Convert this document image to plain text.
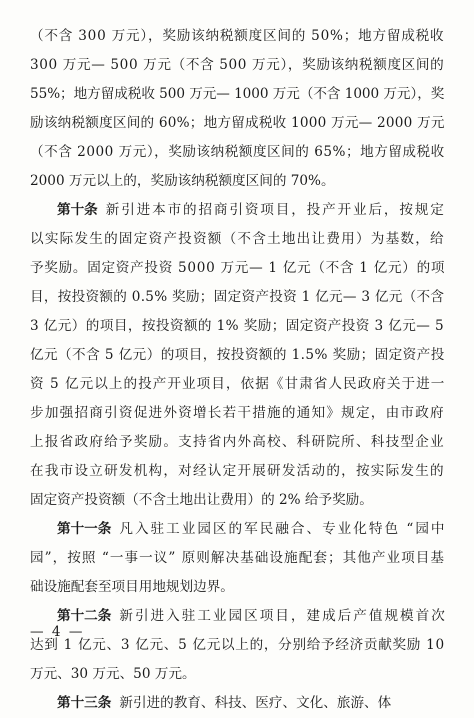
（不含 300 万元），奖励该纳税额度区间的 50%；地方留成税收
300 万元— 500 万元（不含 500 万元），奖励该纳税额度区间的
55%；地方留成税收 500 万元— 1000 万元（不含 1000 万元），奖
励该纳税额度区间的 60%；地方留成税收 1000 万元— 2000 万元
（不含 2000 万元），奖励该纳税额度区间的 65%；地方留成税收
2000 万元以上的，奖励该纳税额度区间的 70%。
第十条 新引进本市的招商引资项目，投产开业后，按规定
以实际发生的固定资产投资额（不含土地出让费用）为基数，给
予奖励。固定资产投资 5000 万元— 1 亿元（不含 1 亿元）的项
目，按投资额的 0.5% 奖励；固定资产投资 1 亿元— 3 亿元（不含
3 亿元）的项目，按投资额的 1% 奖励；固定资产投资 3 亿元— 5
亿元（不含 5 亿元）的项目，按投资额的 1.5% 奖励；固定资产投
资 5 亿元以上的投产开业项目，依据《甘肃省人民政府关于进一
步加强招商引资促进外资增长若干措施的通知》规定，由市政府
上报省政府给予奖励。支持省内外高校、科研院所、科技型企业
在我市设立研发机构，对经认定开展研发活动的，按实际发生的
固定资产投资额（不含土地出让费用）的 2% 给予奖励。
第十一条 凡入驻工业园区的军民融合、专业化特色 “园中
园”，按照 “一事一议” 原则解决基础设施配套；其他产业项目基
础设施配套至项目用地规划边界。
第十二条 新引进入驻工业园区项目，建成后产值规模首次
达到 1 亿元、3 亿元、5 亿元以上的，分别给予经济贡献奖励 10
万元、30 万元、50 万元。
第十三条 新引进的教育、科技、医疗、文化、旅游、体
— 4 —
